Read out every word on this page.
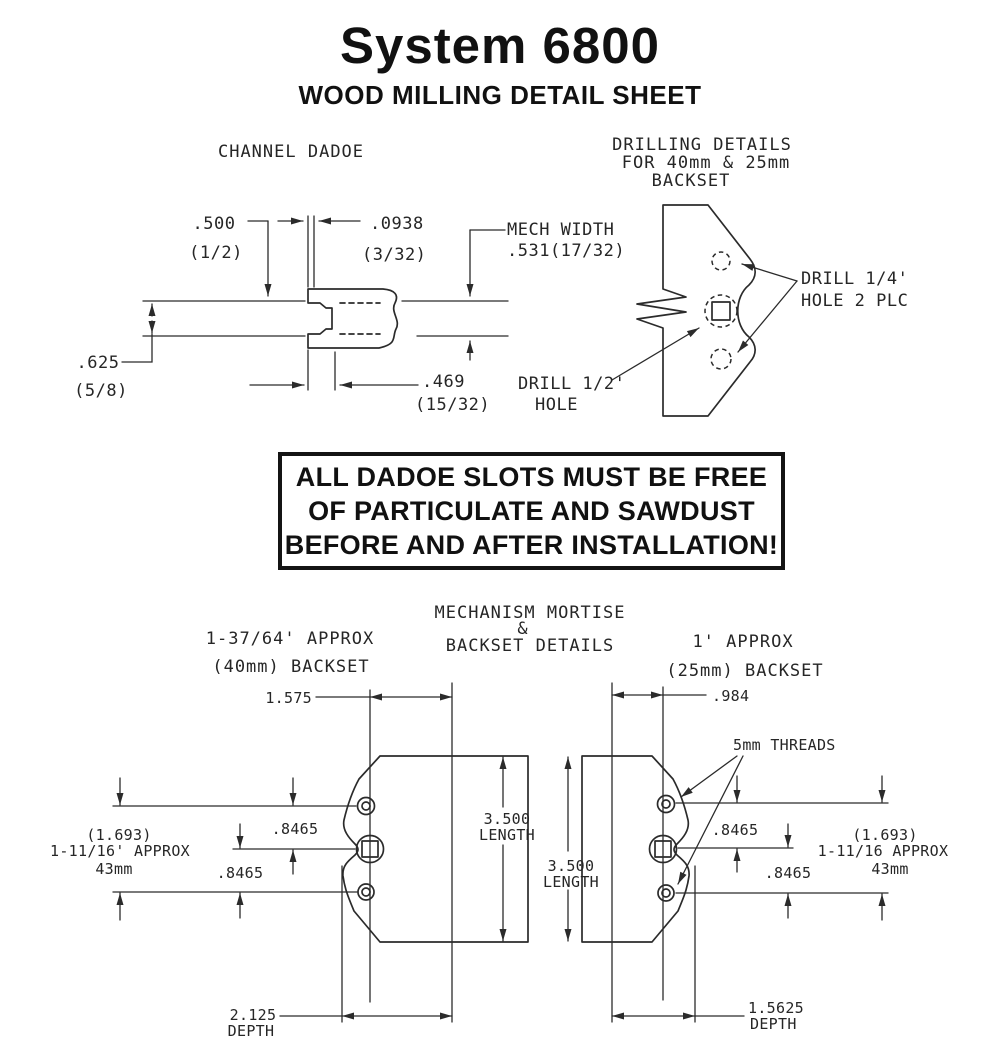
System 6800
WOOD MILLING DETAIL SHEET
CHANNEL DADOE
.500
(1/2)
.0938
(3/32)
MECH WIDTH
.531(17/32)
.625
(5/8)	.469
(15/32)
DRILLING DETAILS
FOR 40mm & 25mm
BACKSET
DRILL 1/4'
HOLE 2 PLC
DRILL 1/2'
HOLE
MECHANISM MORTISE
&
BACKSET DETAILS
1-37/64' APPROX
(40mm) BACKSET
1' APPROX
(25mm) BACKSET
1.575
3.500
LENGTH
.8465
.8465
(1.693)
1-11/16' APPROX
43mm
2.125
DEPTH
.984
5mm THREADS
3.500
LENGTH
.8465
.8465
(1.693)
1-11/16 APPROX
43mm
1.5625
DEPTH
ALL DADOE SLOTS MUST BE FREE
OF PARTICULATE AND SAWDUST
BEFORE AND AFTER INSTALLATION!
